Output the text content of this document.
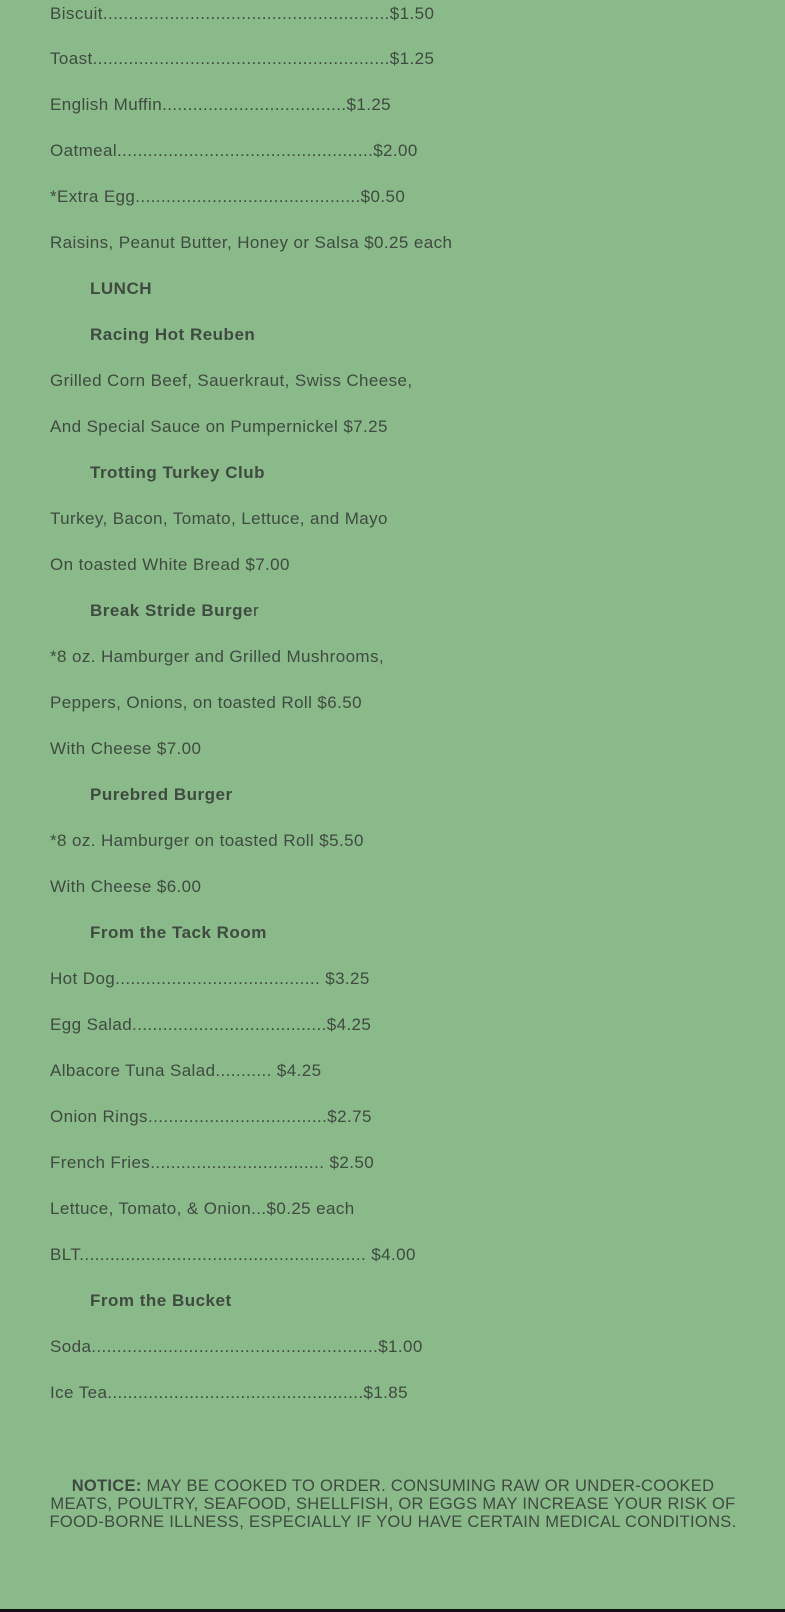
Biscuit........................................................$1.50
Toast..........................................................$1.25
English Muffin....................................$1.25
Oatmeal..................................................$2.00
*Extra Egg............................................$0.50
Raisins, Peanut Butter, Honey or Salsa $0.25 each
LUNCH
Racing Hot Reuben
Grilled Corn Beef, Sauerkraut, Swiss Cheese,
And Special Sauce on Pumpernickel $7.25
Trotting Turkey Club
Turkey, Bacon, Tomato, Lettuce, and Mayo
On toasted White Bread $7.00
Break Stride Burger
*8 oz. Hamburger and Grilled Mushrooms,
Peppers, Onions, on toasted Roll $6.50
With Cheese $7.00
Purebred Burger
*8 oz. Hamburger on toasted Roll $5.50
With Cheese $6.00
From the Tack Room
Hot Dog........................................ $3.25
Egg Salad......................................$4.25
Albacore Tuna Salad........... $4.25
Onion Rings...................................$2.75
French Fries.................................. $2.50
Lettuce, Tomato, & Onion...$0.25 each
BLT........................................................ $4.00
From the Bucket
Soda........................................................$1.00
Ice Tea..................................................$1.85
NOTICE: MAY BE COOKED TO ORDER. CONSUMING RAW OR UNDER-COOKED MEATS, POULTRY, SEAFOOD, SHELLFISH, OR EGGS MAY INCREASE YOUR RISK OF FOOD-BORNE ILLNESS, ESPECIALLY IF YOU HAVE CERTAIN MEDICAL CONDITIONS.
